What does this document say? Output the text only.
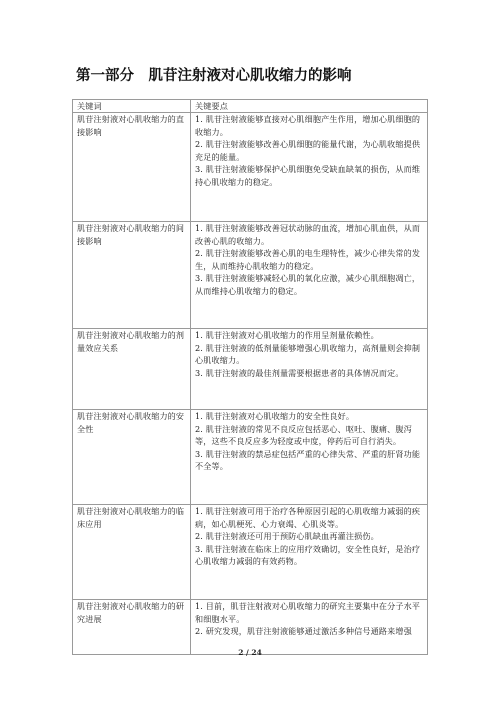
第一部分　肌苷注射液对心肌收缩力的影响
关键词	关键要点
肌苷注射液对心肌收缩力的直接影响	1. 肌苷注射液能够直接对心肌细胞产生作用，增加心肌细胞的收缩力。
2. 肌苷注射液能够改善心肌细胞的能量代谢，为心肌收缩提供充足的能量。
3. 肌苷注射液能够保护心肌细胞免受缺血缺氧的损伤，从而维持心肌收缩力的稳定。

肌苷注射液对心肌收缩力的间接影响	1. 肌苷注射液能够改善冠状动脉的血流，增加心肌血供，从而改善心肌的收缩力。
2. 肌苷注射液能够改善心肌的电生理特性，减少心律失常的发生，从而维持心肌收缩力的稳定。
3. 肌苷注射液能够减轻心肌的氧化应激，减少心肌细胞凋亡，从而维持心肌收缩力的稳定。

肌苷注射液对心肌收缩力的剂量效应关系	1. 肌苷注射液对心肌收缩力的作用呈剂量依赖性。
2. 肌苷注射液的低剂量能够增强心肌收缩力，高剂量则会抑制心肌收缩力。
3. 肌苷注射液的最佳剂量需要根据患者的具体情况而定。

肌苷注射液对心肌收缩力的安全性	1. 肌苷注射液对心肌收缩力的安全性良好。
2. 肌苷注射液的常见不良反应包括恶心、呕吐、腹痛、腹泻等，这些不良反应多为轻度或中度，停药后可自行消失。
3. 肌苷注射液的禁忌症包括严重的心律失常、严重的肝肾功能不全等。

肌苷注射液对心肌收缩力的临床应用	1. 肌苷注射液可用于治疗各种原因引起的心肌收缩力减弱的疾病，如心肌梗死、心力衰竭、心肌炎等。
2. 肌苷注射液还可用于预防心肌缺血再灌注损伤。
3. 肌苷注射液在临床上的应用疗效确切，安全性良好，是治疗心肌收缩力减弱的有效药物。

肌苷注射液对心肌收缩力的研究进展	1. 目前，肌苷注射液对心肌收缩力的研究主要集中在分子水平和细胞水平。
2. 研究发现，肌苷注射液能够通过激活多种信号通路来增强
2 / 24
